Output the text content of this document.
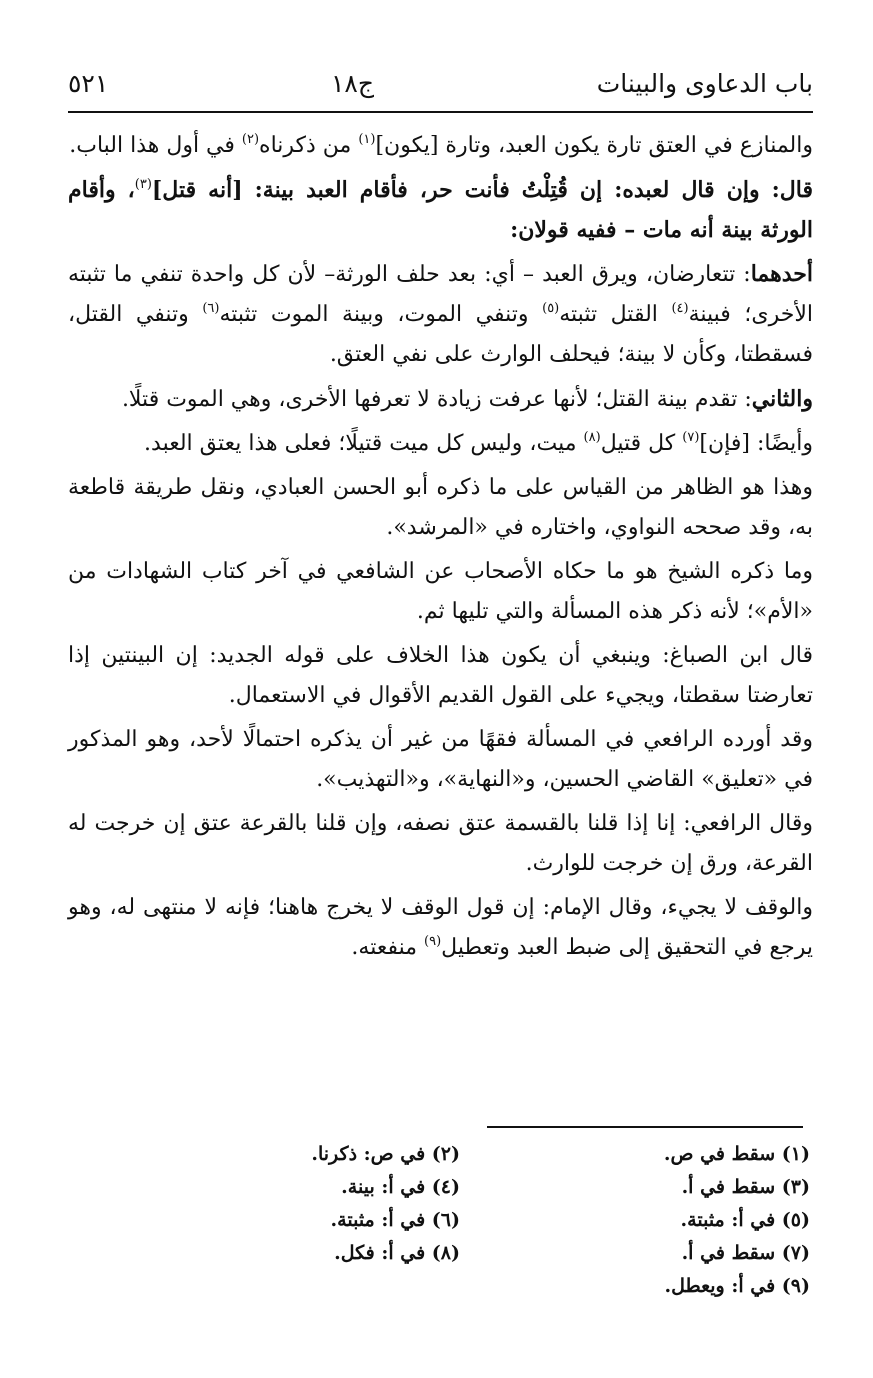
باب الدعاوى والبينات
ج١٨
٥٢١
والمنازع في العتق تارة يكون العبد، وتارة [يكون]$^{(١)}$ من ذكرناه$^{(٢)}$ في أول هذا الباب.
قال: وإن قال لعبده: إن قُتِلْتُ فأنت حر، فأقام العبد بينة: [أنه قتل]$^{(٣)}$، وأقام الورثة بينة أنه مات – ففيه قولان:
أحدهما: تتعارضان، ويرق العبد – أي: بعد حلف الورثة– لأن كل واحدة تنفي ما تثبته الأخرى؛ فبينة$^{(٤)}$ القتل تثبته$^{(٥)}$ وتنفي الموت، وبينة الموت تثبته$^{(٦)}$ وتنفي القتل، فسقطتا، وكأن لا بينة؛ فيحلف الوارث على نفي العتق.
والثاني: تقدم بينة القتل؛ لأنها عرفت زيادة لا تعرفها الأخرى، وهي الموت قتلًا.
وأيضًا: [فإن]$^{(٧)}$ كل قتيل$^{(٨)}$ ميت، وليس كل ميت قتيلًا؛ فعلى هذا يعتق العبد.
وهذا هو الظاهر من القياس على ما ذكره أبو الحسن العبادي، ونقل طريقة قاطعة به، وقد صححه النواوي، واختاره في «المرشد».
وما ذكره الشيخ هو ما حكاه الأصحاب عن الشافعي في آخر كتاب الشهادات من «الأم»؛ لأنه ذكر هذه المسألة والتي تليها ثم.
قال ابن الصباغ: وينبغي أن يكون هذا الخلاف على قوله الجديد: إن البينتين إذا تعارضتا سقطتا، ويجيء على القول القديم الأقوال في الاستعمال.
وقد أورده الرافعي في المسألة فقهًا من غير أن يذكره احتمالًا لأحد، وهو المذكور في «تعليق» القاضي الحسين، و«النهاية»، و«التهذيب».
وقال الرافعي: إنا إذا قلنا بالقسمة عتق نصفه، وإن قلنا بالقرعة عتق إن خرجت له القرعة، ورق إن خرجت للوارث.
والوقف لا يجيء، وقال الإمام: إن قول الوقف لا يخرج هاهنا؛ فإنه لا منتهى له، وهو يرجع في التحقيق إلى ضبط العبد وتعطيل$^{(٩)}$ منفعته.
(١) سقط في ص.
(٢) في ص: ذكرنا.
(٣) سقط في أ.
(٤) في أ: بينة.
(٥) في أ: مثبتة.
(٦) في أ: مثبتة.
(٧) سقط في أ.
(٨) في أ: فكل.
(٩) في أ: ويعطل.
